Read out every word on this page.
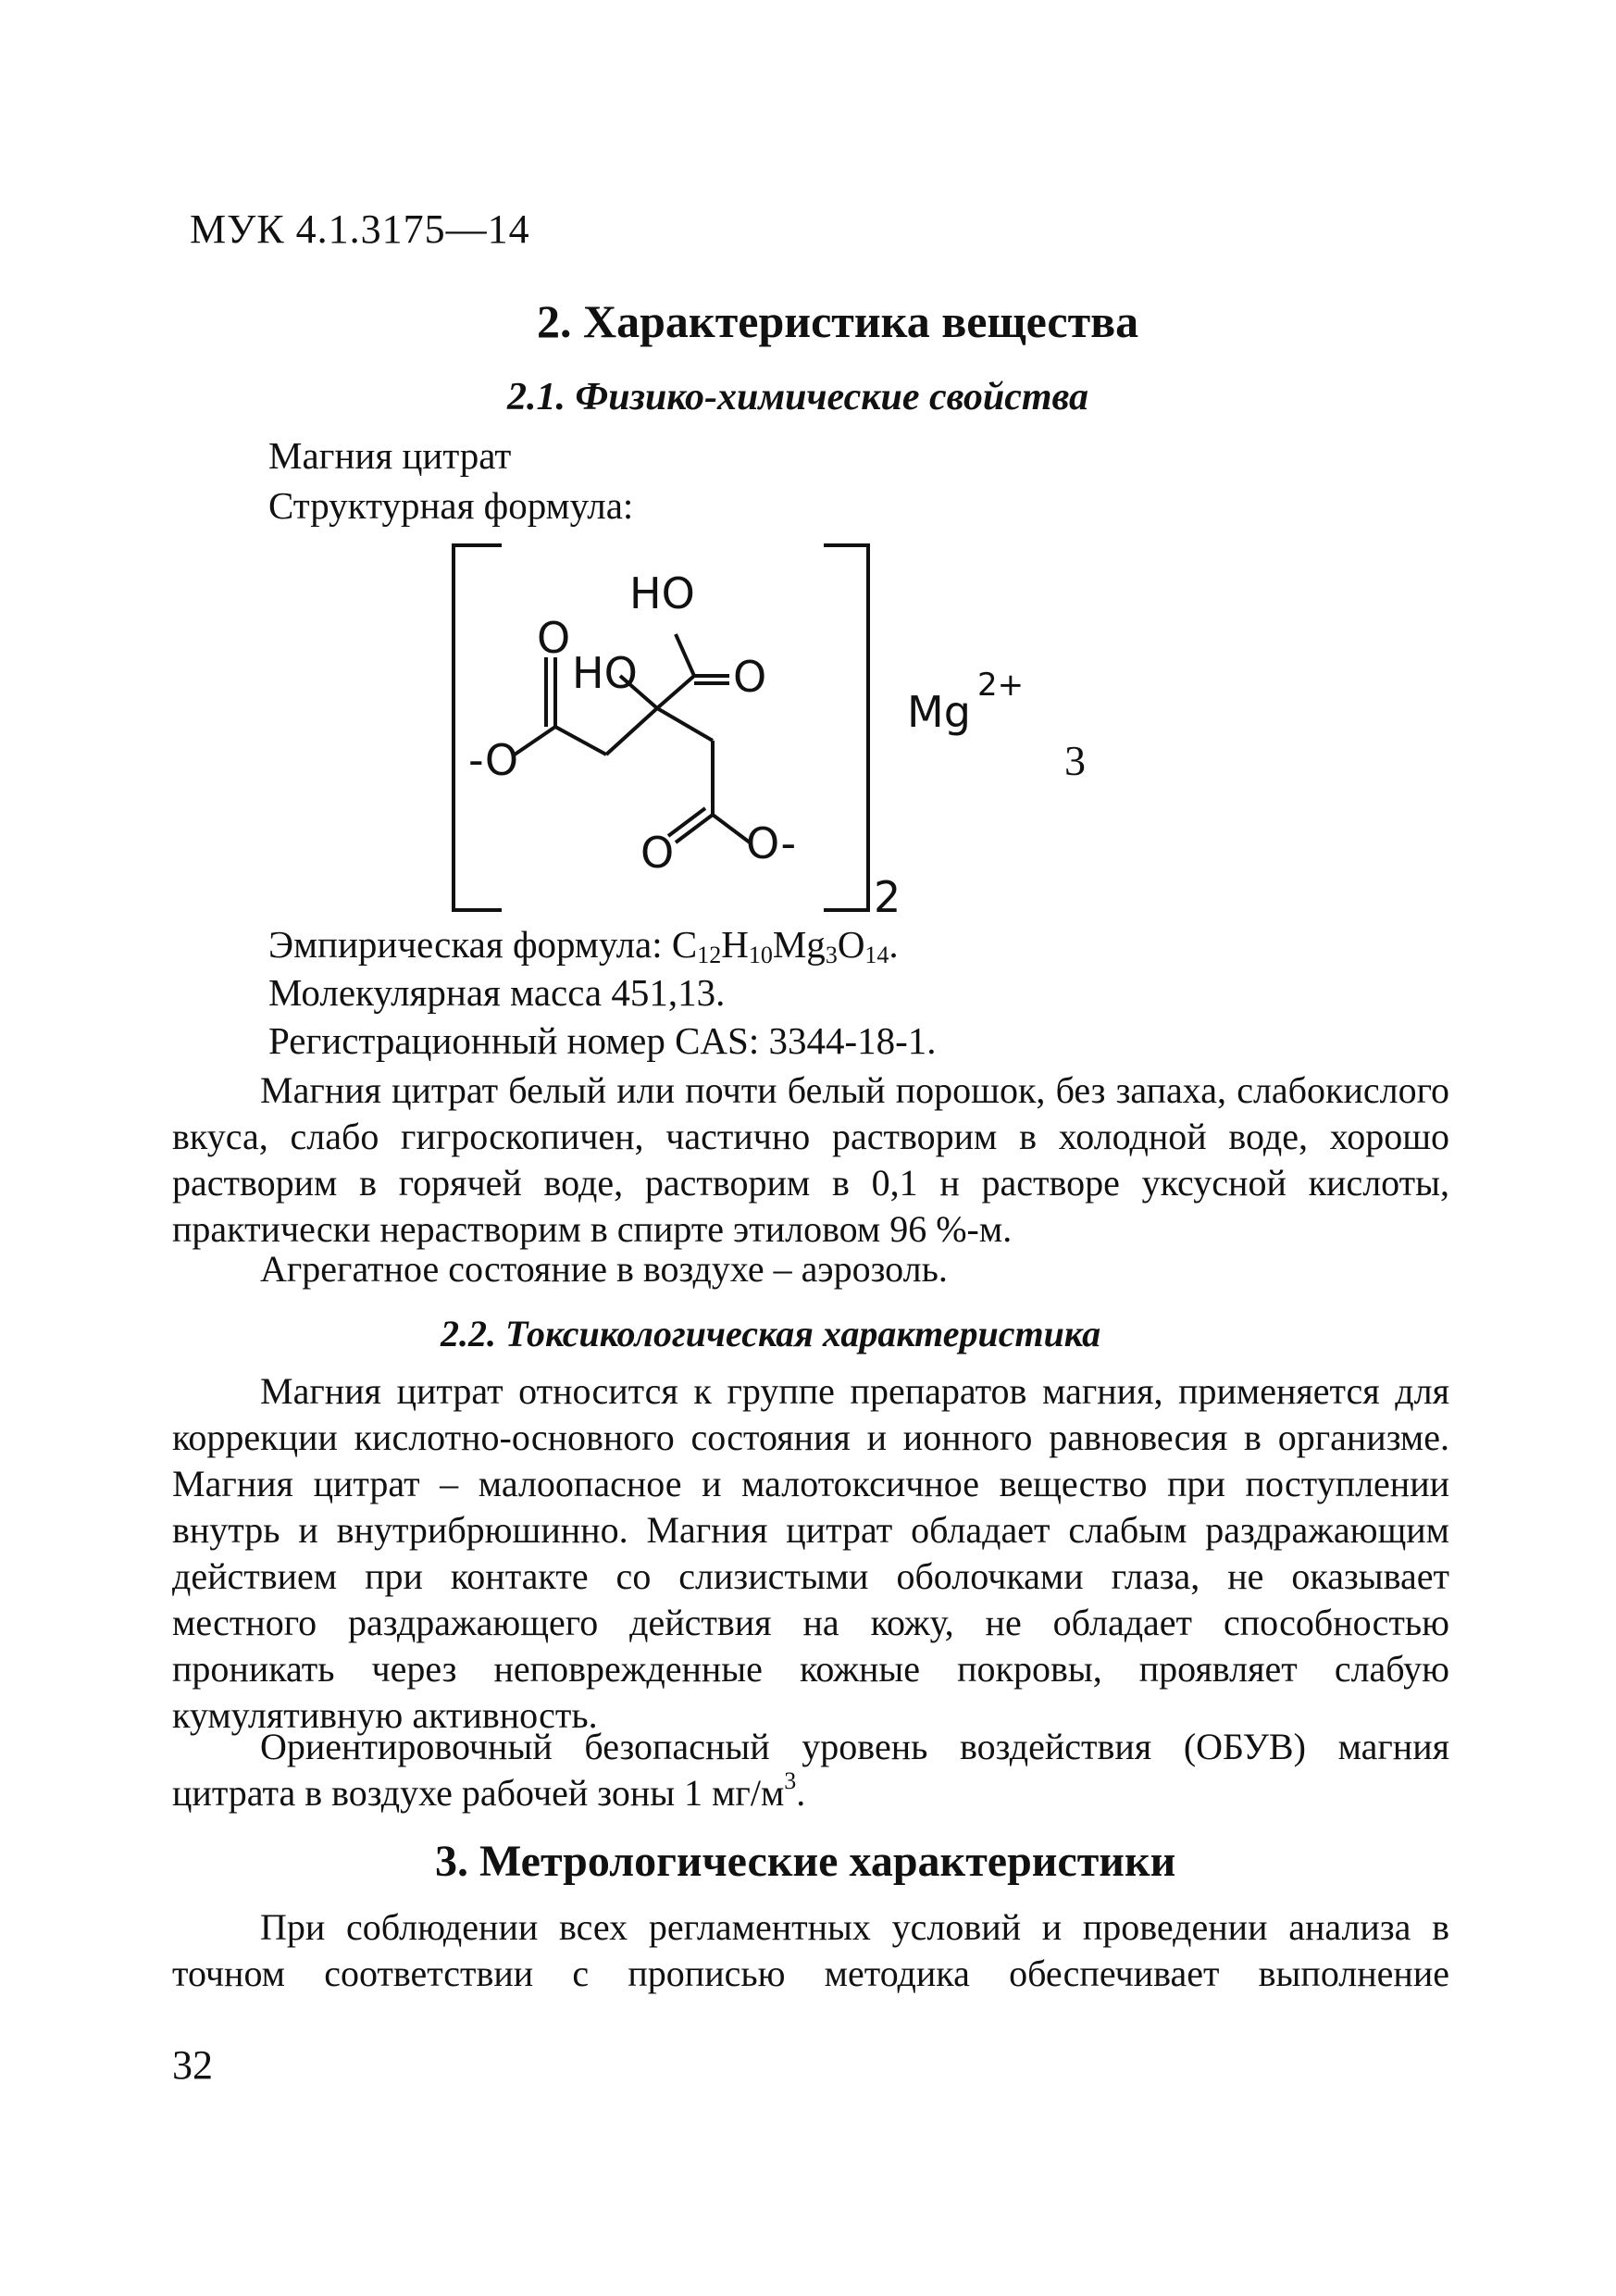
МУК 4.1.3175—14
2. Характеристика вещества
2.1. Физико-химические свойства
Магния цитрат
Структурная формула:
HO
O
HO O
-O
O O-
2
Mg
2+
3
Эмпирическая формула: $C_{12}H_{10}Mg_3O_{14}$.
Молекулярная масса 451,13.
Регистрационный номер CAS: 3344-18-1.
Магния цитрат белый или почти белый порошок, без запаха, слабокислого вкуса, слабо гигроскопичен, частично растворим в холодной воде, хорошо растворим в горячей воде, растворим в 0,1 н растворе уксусной кислоты, практически нерастворим в спирте этиловом 96 %-м.
Агрегатное состояние в воздухе – аэрозоль.
2.2. Токсикологическая характеристика
Магния цитрат относится к группе препаратов магния, применяется для коррекции кислотно-основного состояния и ионного равновесия в организме. Магния цитрат – малоопасное и малотоксичное вещество при поступлении внутрь и внутрибрюшинно. Магния цитрат обладает слабым раздражающим действием при контакте со слизистыми оболочками глаза, не оказывает местного раздражающего действия на кожу, не обладает способностью проникать через неповрежденные кожные покровы, проявляет слабую кумулятивную активность.
Ориентировочный безопасный уровень воздействия (ОБУВ) магния цитрата в воздухе рабочей зоны 1 $мг/м^3$.
3. Метрологические характеристики
При соблюдении всех регламентных условий и проведении анализа в точном соответствии с прописью методика обеспечивает выполнение
32
